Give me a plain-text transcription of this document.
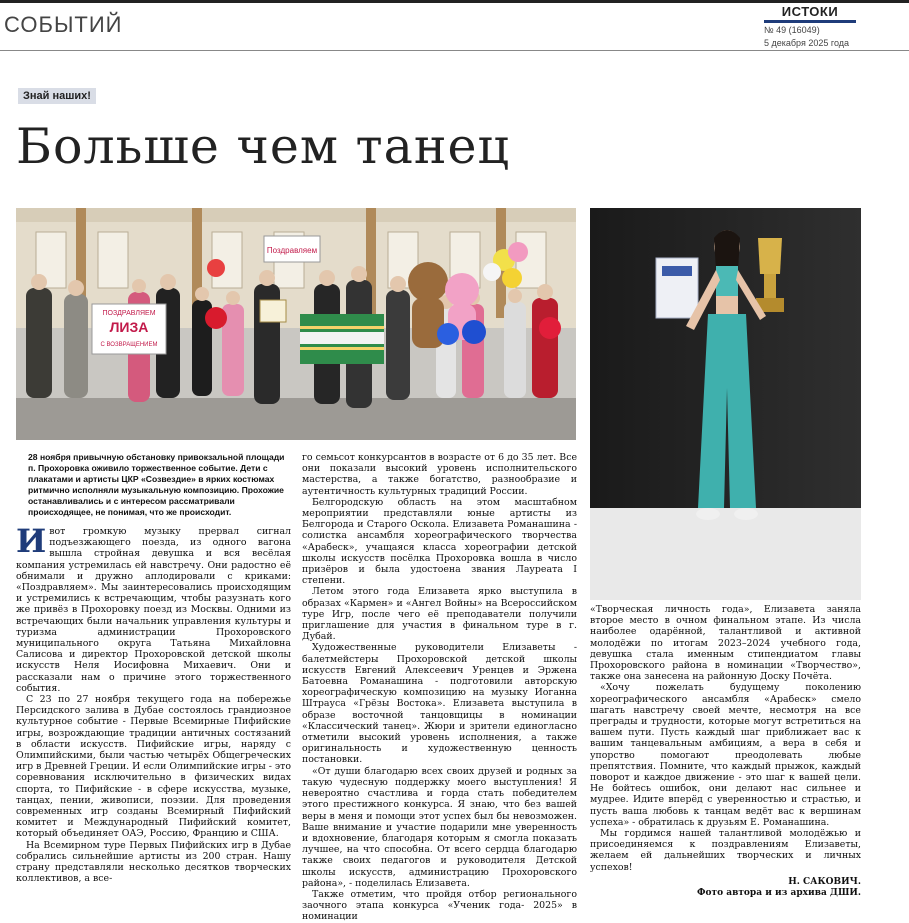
СОБЫТИЙ
ИСТОКИ
№ 49 (16049)
5 декабря 2025 года
Знай наших!
Больше чем танец
ПОЗДРАВЛЯЕМ
ЛИЗА
С ВОЗВРАЩЕНИЕМ
Поздравляем
28 ноября привычную обстановку привокзальной площади п. Прохоровка оживило торжественное событие. Дети с плакатами и артисты ЦКР «Созвездие» в ярких костюмах ритмично исполняли музыкальную композицию. Прохожие останавливались и с интересом рассматривали происходящее, не понимая, что же происходит.

Ивот громкую музыку прервал сигнал подъезжающего поезда, из одного вагона вышла стройная девушка и вся весёлая компания устремилась ей навстречу. Они радостно её обнимали и дружно аплодировали с криками: «Поздравляем». Мы заинтересовались происходящим и устремились к встречающим, чтобы разузнать кого же привёз в Прохоровку поезд из Москвы. Одними из встречающих были начальник управления культуры и туризма администрации Прохоровского муниципального округа Татьяна Михайловна Салисова и директор Прохоровской детской школы искусств Неля Иосифовна Михаевич. Они и рассказали нам о причине этого торжественного события.

С 23 по 27 ноября текущего года на побережье Персидского залива в Дубае состоялось грандиозное культурное событие - Первые Всемирные Пифийские игры, возрождающие традиции античных состязаний в области искусств. Пифийские игры, наряду с Олимпийскими, были частью четырёх Общегреческих игр в Древней Греции. И если Олимпийские игры - это соревнования исключительно в физических видах спорта, то Пифийские - в сфере искусства, музыке, танцах, пении, живописи, поэзии. Для проведения современных игр созданы Всемирный Пифийский комитет и Международный Пифийский комитет, который объединяет ОАЭ, Россию, Францию и США.

На Всемирном туре Первых Пифийских игр в Дубае собрались сильнейшие артисты из 200 стран. Нашу страну представляли несколько десятков творческих коллективов, а все-

го семьсот конкурсантов в возрасте от 6 до 35 лет. Все они показали высокий уровень исполнительского мастерства, а также богатство, разнообразие и аутентичность культурных традиций России.

Белгородскую область на этом масштабном мероприятии представляли юные артисты из Белгорода и Старого Оскола. Елизавета Романашина - солистка ансамбля хореографического творчества «Арабеск», учащаяся класса хореографии детской школы искусств посёлка Прохоровка вошла в число призёров и была удостоена звания Лауреата I степени.

Летом этого года Елизавета ярко выступила в образах «Кармен» и «Ангел Войны» на Всероссийском туре Игр, после чего её преподаватели получили приглашение для участия в финальном туре в г. Дубай.

Художественные руководители Елизаветы - балетмейстеры Прохоровской детской школы искусств Евгений Алексеевич Уренцев и Эржена Батоевна Романашина - подготовили авторскую хореографическую композицию на музыку Иоганна Штрауса «Грёзы Востока». Елизавета выступила в образе восточной танцовщицы в номинации «Классический танец». Жюри и зрители единогласно отметили высокий уровень исполнения, а также оригинальность и художественную ценность постановки.

«От души благодарю всех своих друзей и родных за такую чудесную поддержку моего выступления! Я невероятно счастлива и горда стать победителем этого престижного конкурса. Я знаю, что без вашей веры в меня и помощи этот успех был бы невозможен. Ваше внимание и участие подарили мне уверенность и вдохновение, благодаря которым я смогла показать лучшее, на что способна. От всего сердца благодарю также своих педагогов и руководителя Детской школы искусств, администрацию Прохоровского района», - поделилась Елизавета.

Также отметим, что пройдя отбор регионального заочного этапа конкурса «Ученик года- 2025» в номинации

«Творческая личность года», Елизавета заняла второе место в очном финальном этапе. Из числа наиболее одарённой, талантливой и активной молодёжи по итогам 2023–2024 учебного года, девушка стала именным стипендиатом главы Прохоровского района в номинации «Творчество», также она занесена на районную Доску Почёта.

«Хочу пожелать будущему поколению хореографического ансамбля «Арабеск» смело шагать навстречу своей мечте, несмотря на все преграды и трудности, которые могут встретиться на вашем пути. Пусть каждый шаг приближает вас к вашим танцевальным амбициям, а вера в себя и упорство помогают преодолевать любые препятствия. Помните, что каждый прыжок, каждый поворот и каждое движение - это шаг к вашей цели. Не бойтесь ошибок, они делают нас сильнее и мудрее. Идите вперёд с уверенностью и страстью, и пусть ваша любовь к танцам ведёт вас к вершинам успеха» - обратилась к друзьям Е. Романашина.

Мы гордимся нашей талантливой молодёжью и присоединяемся к поздравлениям Елизаветы, желаем ей дальнейших творческих и личных успехов!

Н. САКОВИЧ.

Фото автора и из архива ДШИ.
